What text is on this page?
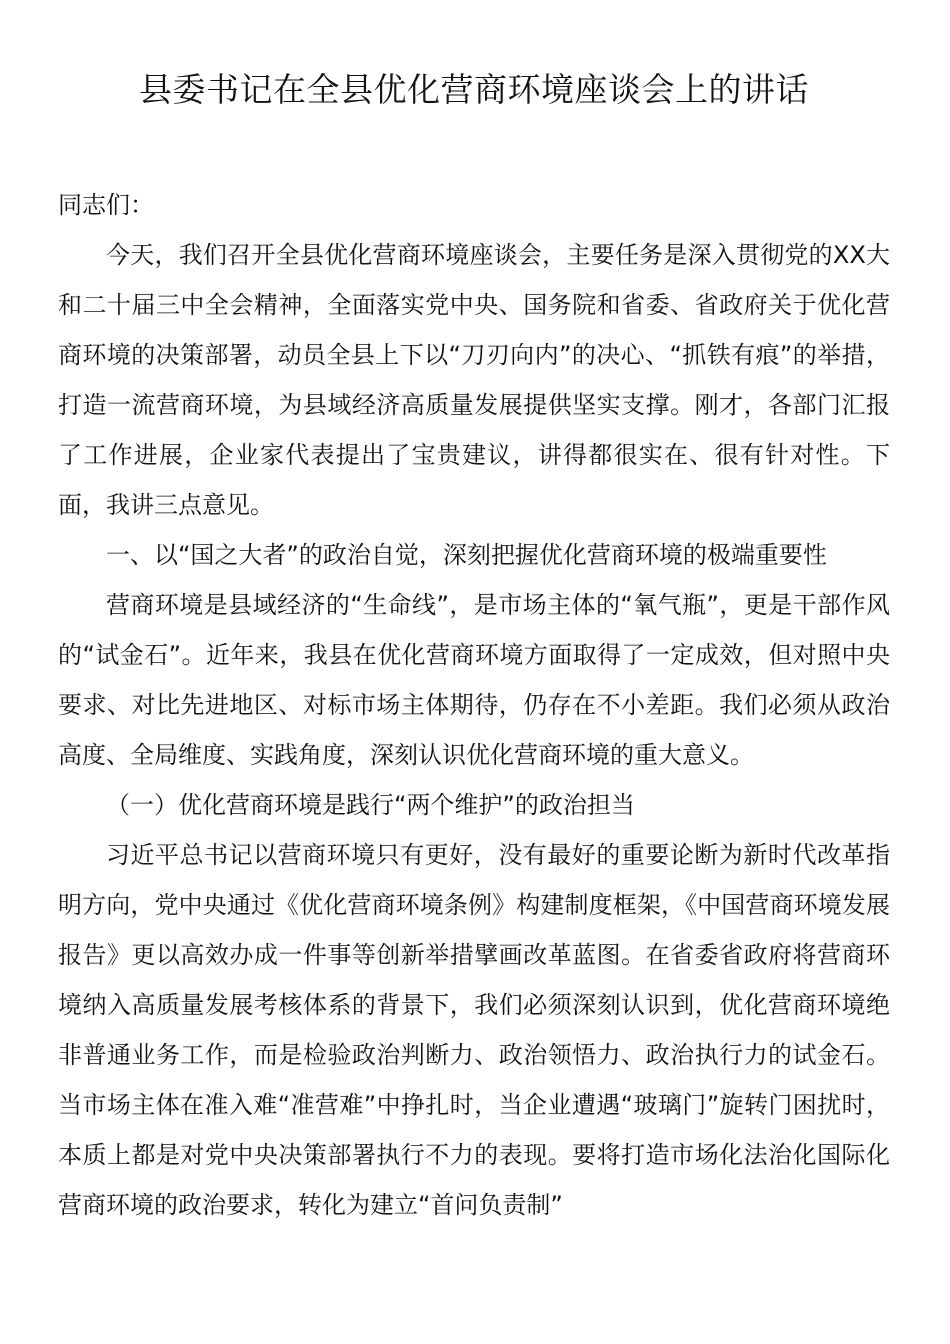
县委书记在全县优化营商环境座谈会上的讲话

同志们：

今天，我们召开全县优化营商环境座谈会，主要任务是深入贯彻党的XX大和二十届三中全会精神，全面落实党中央、国务院和省委、省政府关于优化营商环境的决策部署，动员全县上下以“刀刃向内”的决心、“抓铁有痕”的举措，打造一流营商环境，为县域经济高质量发展提供坚实支撑。刚才，各部门汇报了工作进展，企业家代表提出了宝贵建议，讲得都很实在、很有针对性。下面，我讲三点意见。

一、以“国之大者”的政治自觉，深刻把握优化营商环境的极端重要性

营商环境是县域经济的“生命线”，是市场主体的“氧气瓶”，更是干部作风的“试金石”。近年来，我县在优化营商环境方面取得了一定成效，但对照中央要求、对比先进地区、对标市场主体期待，仍存在不小差距。我们必须从政治高度、全局维度、实践角度，深刻认识优化营商环境的重大意义。

（一）优化营商环境是践行“两个维护”的政治担当

习近平总书记以营商环境只有更好，没有最好的重要论断为新时代改革指明方向，党中央通过《优化营商环境条例》构建制度框架，《中国营商环境发展报告》更以高效办成一件事等创新举措擘画改革蓝图。在省委省政府将营商环境纳入高质量发展考核体系的背景下，我们必须深刻认识到，优化营商环境绝非普通业务工作，而是检验政治判断力、政治领悟力、政治执行力的试金石。当市场主体在准入难“准营难”中挣扎时，当企业遭遇“玻璃门”旋转门困扰时，本质上都是对党中央决策部署执行不力的表现。要将打造市场化法治化国际化营商环境的政治要求，转化为建立“首问负责制”
